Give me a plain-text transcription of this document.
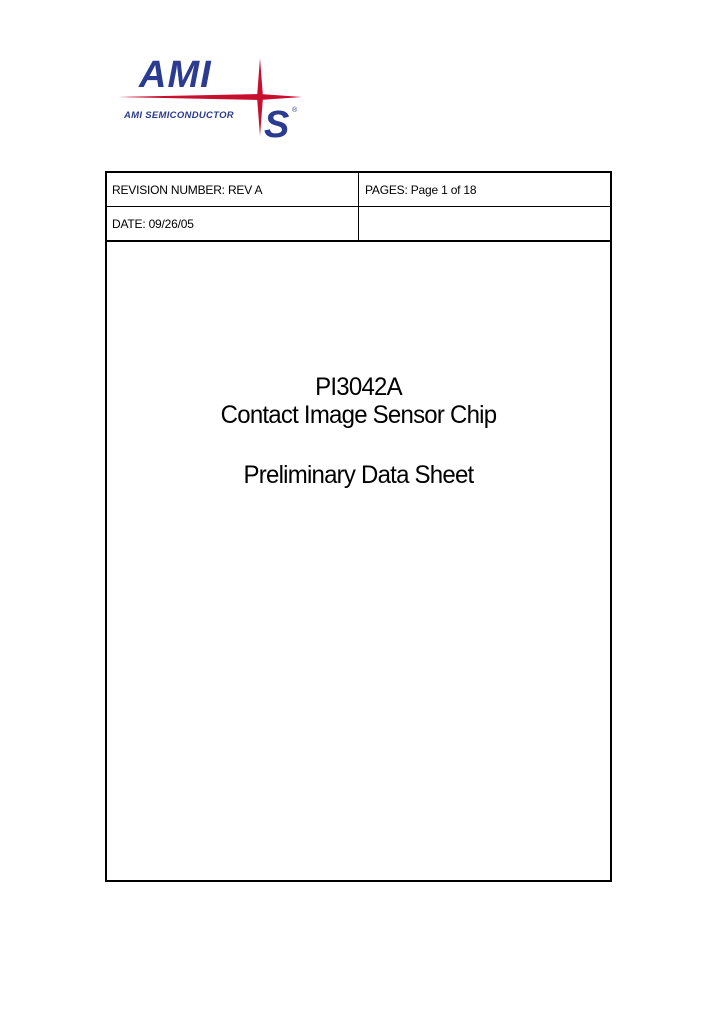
AMI
AMI SEMICONDUCTOR S ®
REVISION NUMBER: REV A	PAGES: Page 1 of 18
DATE: 09/26/05
PI3042A
Contact Image Sensor Chip
Preliminary Data Sheet
